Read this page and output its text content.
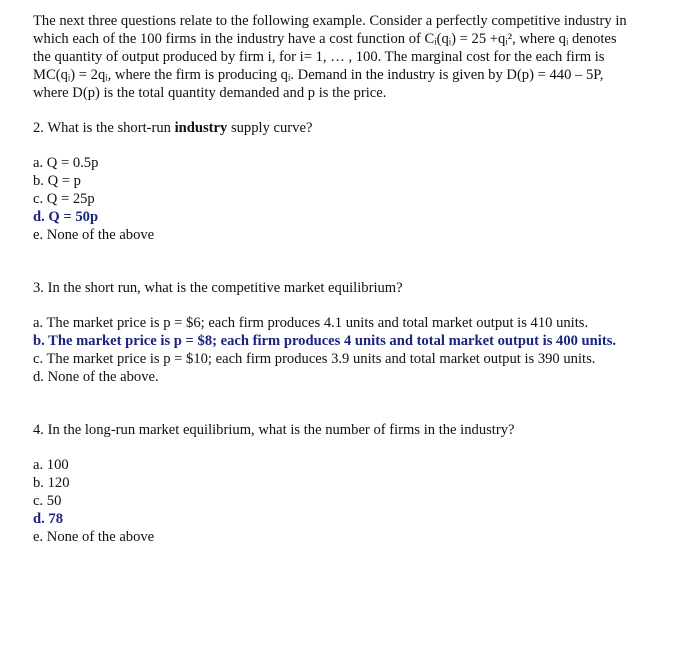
The next three questions relate to the following example. Consider a perfectly competitive industry in which each of the 100 firms in the industry have a cost function of Cᵢ(qᵢ) = 25 +qᵢ², where qᵢ denotes the quantity of output produced by firm i, for i= 1, … , 100. The marginal cost for the each firm is MC(qᵢ) = 2qᵢ, where the firm is producing qᵢ. Demand in the industry is given by D(p) = 440 – 5P, where D(p) is the total quantity demanded and p is the price.

2. What is the short-run industry supply curve?

a. Q = 0.5p
b. Q = p
c. Q = 25p
d. Q = 50p
e. None of the above

3. In the short run, what is the competitive market equilibrium?

a. The market price is p = $6; each firm produces 4.1 units and total market output is 410 units.
b. The market price is p = $8; each firm produces 4 units and total market output is 400 units.
c. The market price is p = $10; each firm produces 3.9 units and total market output is 390 units.
d. None of the above.

4. In the long-run market equilibrium, what is the number of firms in the industry?

a. 100
b. 120
c. 50
d. 78
e. None of the above
